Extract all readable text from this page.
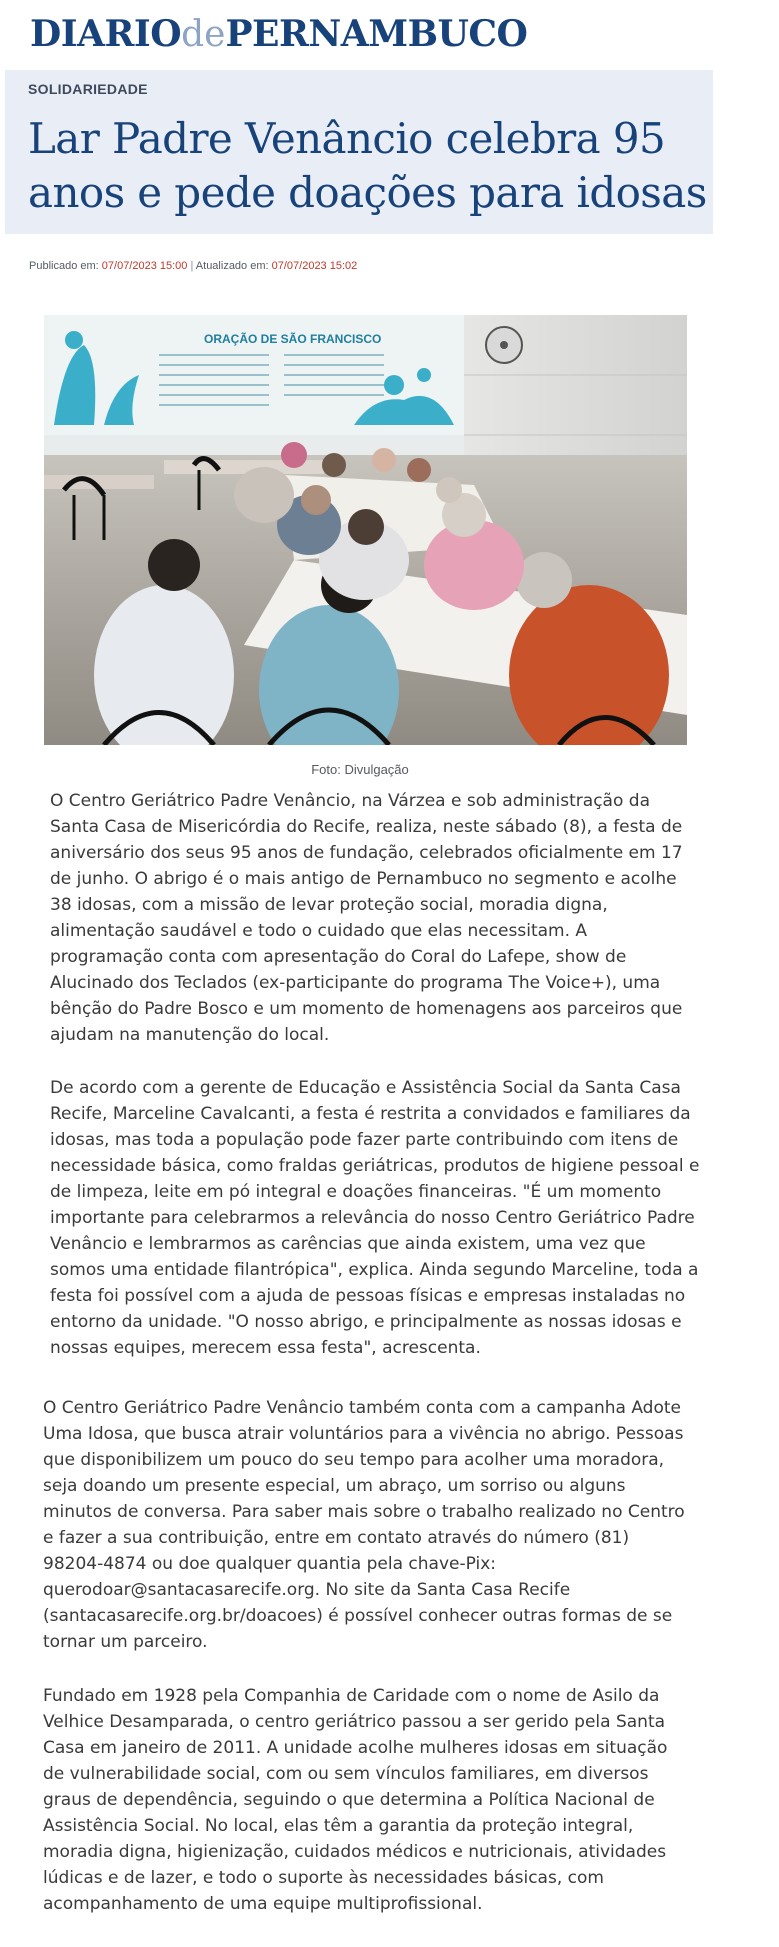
DIARIOdePERNAMBUCO
SOLIDARIEDADE
Lar Padre Venâncio celebra 95 anos e pede doações para idosas
Publicado em: 07/07/2023 15:00 | Atualizado em: 07/07/2023 15:02
ORAÇÃO DE SÃO FRANCISCO
Foto: Divulgação

O Centro Geriátrico Padre Venâncio, na Várzea e sob administração da Santa Casa de Misericórdia do Recife, realiza, neste sábado (8), a festa de aniversário dos seus 95 anos de fundação, celebrados oficialmente em 17 de junho. O abrigo é o mais antigo de Pernambuco no segmento e acolhe 38 idosas, com a missão de levar proteção social, moradia digna, alimentação saudável e todo o cuidado que elas necessitam. A programação conta com apresentação do Coral do Lafepe, show de Alucinado dos Teclados (ex-participante do programa The Voice+), uma bênção do Padre Bosco e um momento de homenagens aos parceiros que ajudam na manutenção do local.

De acordo com a gerente de Educação e Assistência Social da Santa Casa Recife, Marceline Cavalcanti, a festa é restrita a convidados e familiares da idosas, mas toda a população pode fazer parte contribuindo com itens de necessidade básica, como fraldas geriátricas, produtos de higiene pessoal e de limpeza, leite em pó integral e doações financeiras. "É um momento importante para celebrarmos a relevância do nosso Centro Geriátrico Padre Venâncio e lembrarmos as carências que ainda existem, uma vez que somos uma entidade filantrópica", explica. Ainda segundo Marceline, toda a festa foi possível com a ajuda de pessoas físicas e empresas instaladas no entorno da unidade. "O nosso abrigo, e principalmente as nossas idosas e nossas equipes, merecem essa festa", acrescenta.

O Centro Geriátrico Padre Venâncio também conta com a campanha Adote Uma Idosa, que busca atrair voluntários para a vivência no abrigo. Pessoas que disponibilizem um pouco do seu tempo para acolher uma moradora, seja doando um presente especial, um abraço, um sorriso ou alguns minutos de conversa. Para saber mais sobre o trabalho realizado no Centro e fazer a sua contribuição, entre em contato através do número (81) 98204-4874 ou doe qualquer quantia pela chave-Pix: querodoar@santacasarecife.org. No site da Santa Casa Recife (santacasarecife.org.br/doacoes) é possível conhecer outras formas de se tornar um parceiro.

Fundado em 1928 pela Companhia de Caridade com o nome de Asilo da Velhice Desamparada, o centro geriátrico passou a ser gerido pela Santa Casa em janeiro de 2011. A unidade acolhe mulheres idosas em situação de vulnerabilidade social, com ou sem vínculos familiares, em diversos graus de dependência, seguindo o que determina a Política Nacional de Assistência Social. No local, elas têm a garantia da proteção integral, moradia digna, higienização, cuidados médicos e nutricionais, atividades lúdicas e de lazer, e todo o suporte às necessidades básicas, com acompanhamento de uma equipe multiprofissional.
